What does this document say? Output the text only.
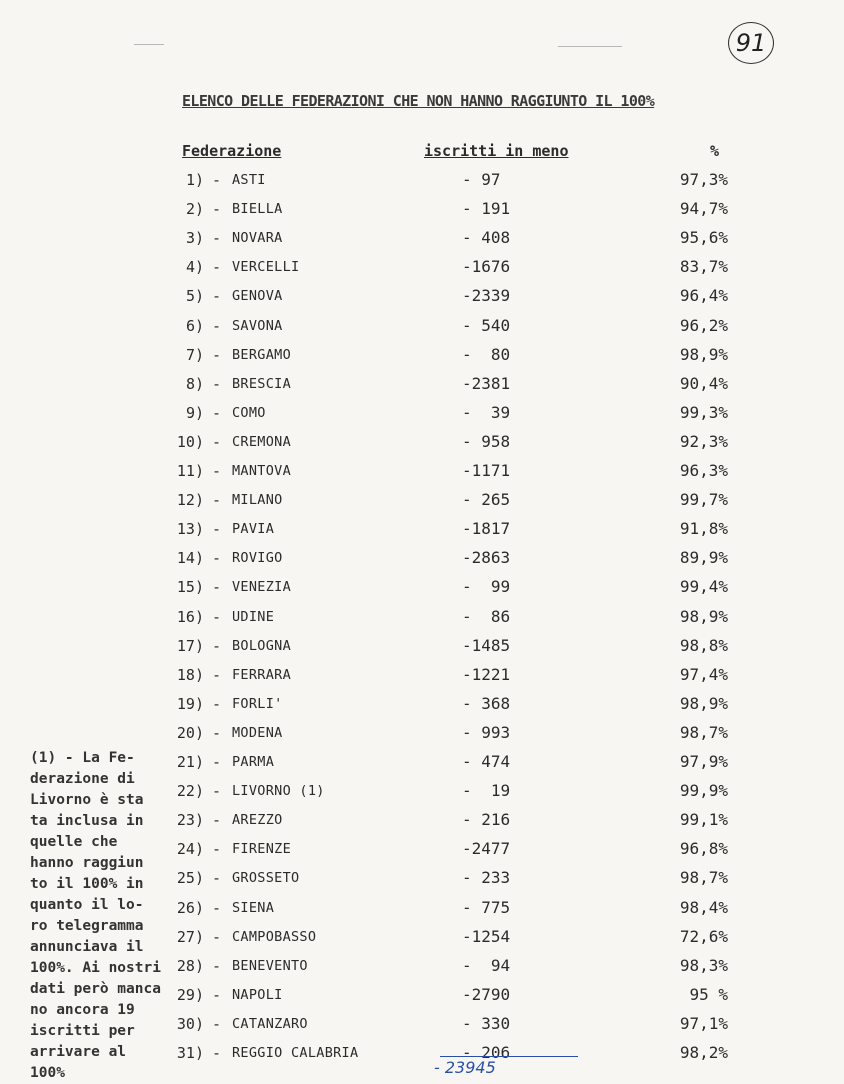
91
ELENCO DELLE FEDERAZIONI CHE NON HANNO RAGGIUNTO IL 100%
Federazione	iscritti in meno	%
1) ASTI	- 97	97,3%
-
2) BIELLA	- 191	94,7%
-
3) NOVARA	- 408	95,6%
-
4) VERCELLI	-1676	83,7%
-
5) GENOVA	-2339	96,4%
-
6) SAVONA	- 540	96,2%
-
7) BERGAMO	-  80	98,9%
-
8) BRESCIA	-2381	90,4%
-
9) COMO	-  39	99,3%
-
10) CREMONA	- 958	92,3%
-
11) MANTOVA	-1171	96,3%
-
12) MILANO	- 265	99,7%
-
13) PAVIA	-1817	91,8%
-
14) ROVIGO	-2863	89,9%
-
15) VENEZIA	-  99	99,4%
-
16) UDINE	-  86	98,9%
-
17) BOLOGNA	-1485	98,8%
-
18) FERRARA	-1221	97,4%
-
19) FORLI'	- 368	98,9%
-
20) MODENA	- 993	98,7%
-
21) PARMA	- 474	97,9%
-
22) LIVORNO (1)	-  19	99,9%
-
23) AREZZO	- 216	99,1%
-
24) FIRENZE	-2477	96,8%
-
25) GROSSETO	- 233	98,7%
-
26) SIENA	- 775	98,4%
-
27) CAMPOBASSO	-1254	72,6%
-
28) BENEVENTO	-  94	98,3%
-
29) NAPOLI	-2790	95 %
-
30) CATANZARO	- 330	97,1%
-
31) REGGIO CALABRIA	- 206	98,2%
-
(1) - La Fe-
derazione di
Livorno è sta
ta inclusa in
quelle che
hanno raggiun
to il 100% in
quanto il lo-
ro telegramma
annunciava il
100%. Ai nostri
dati però manca
no ancora 19
iscritti per
arrivare al
100%	- 23945
